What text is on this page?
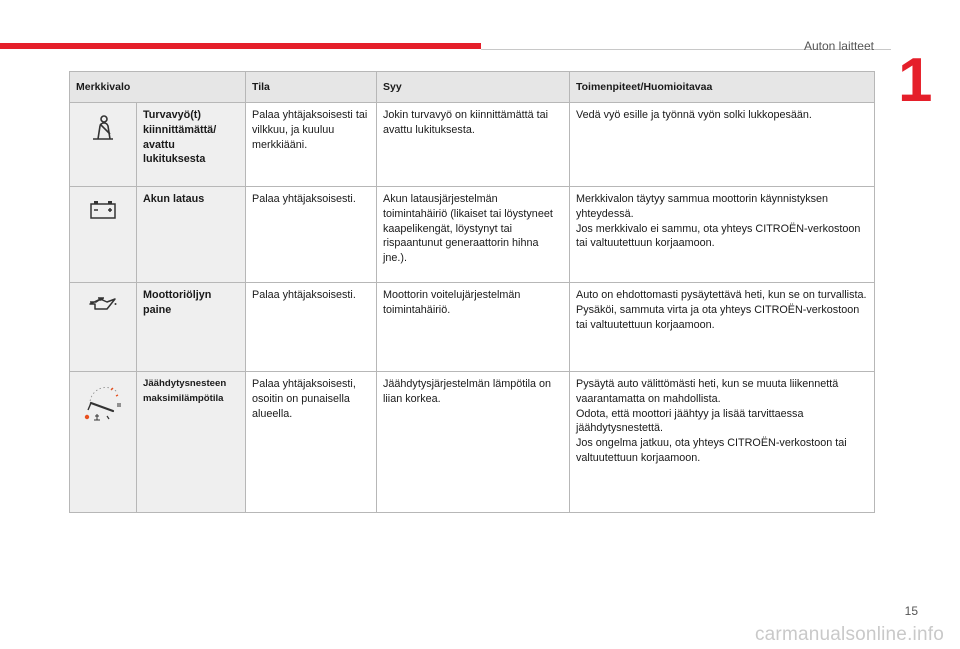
Auton laitteet 1
Merkkivalo		Tila	Syy	Toimenpiteet/Huomioitavaa

	Turvavyö(t) kiinnittämättä/ avattu lukituksesta	Palaa yhtäjaksoisesti tai vilkkuu, ja kuuluu merkkiääni.	Jokin turvavyö on kiinnittämättä tai avattu lukituksesta.	Vedä vyö esille ja työnnä vyön solki lukkopesään.

	Akun lataus	Palaa yhtäjaksoisesti.	Akun latausjärjestelmän toimintahäiriö (likaiset tai löystyneet kaapelikengät, löystynyt tai rispaantunut generaattorin hihna jne.).	Merkkivalon täytyy sammua moottorin käynnistyksen yhteydessä.
Jos merkkivalo ei sammu, ota yhteys CITROËN-verkostoon tai valtuutettuun korjaamoon.

	Moottoriöljyn paine	Palaa yhtäjaksoisesti.	Moottorin voitelujärjestelmän toimintahäiriö.	Auto on ehdottomasti pysäytettävä heti, kun se on turvallista.
Pysäköi, sammuta virta ja ota yhteys CITROËN-verkostoon tai valtuutettuun korjaamoon.

	Jäähdytysnesteen maksimilämpötila	Palaa yhtäjaksoisesti, osoitin on punaisella alueella.	Jäähdytysjärjestelmän lämpötila on liian korkea.	Pysäytä auto välittömästi heti, kun se muuta liikennettä vaarantamatta on mahdollista.
Odota, että moottori jäähtyy ja lisää tarvittaessa jäähdytysnestettä.
Jos ongelma jatkuu, ota yhteys CITROËN-verkostoon tai valtuutettuun korjaamoon.
15
carmanualsonline.info
